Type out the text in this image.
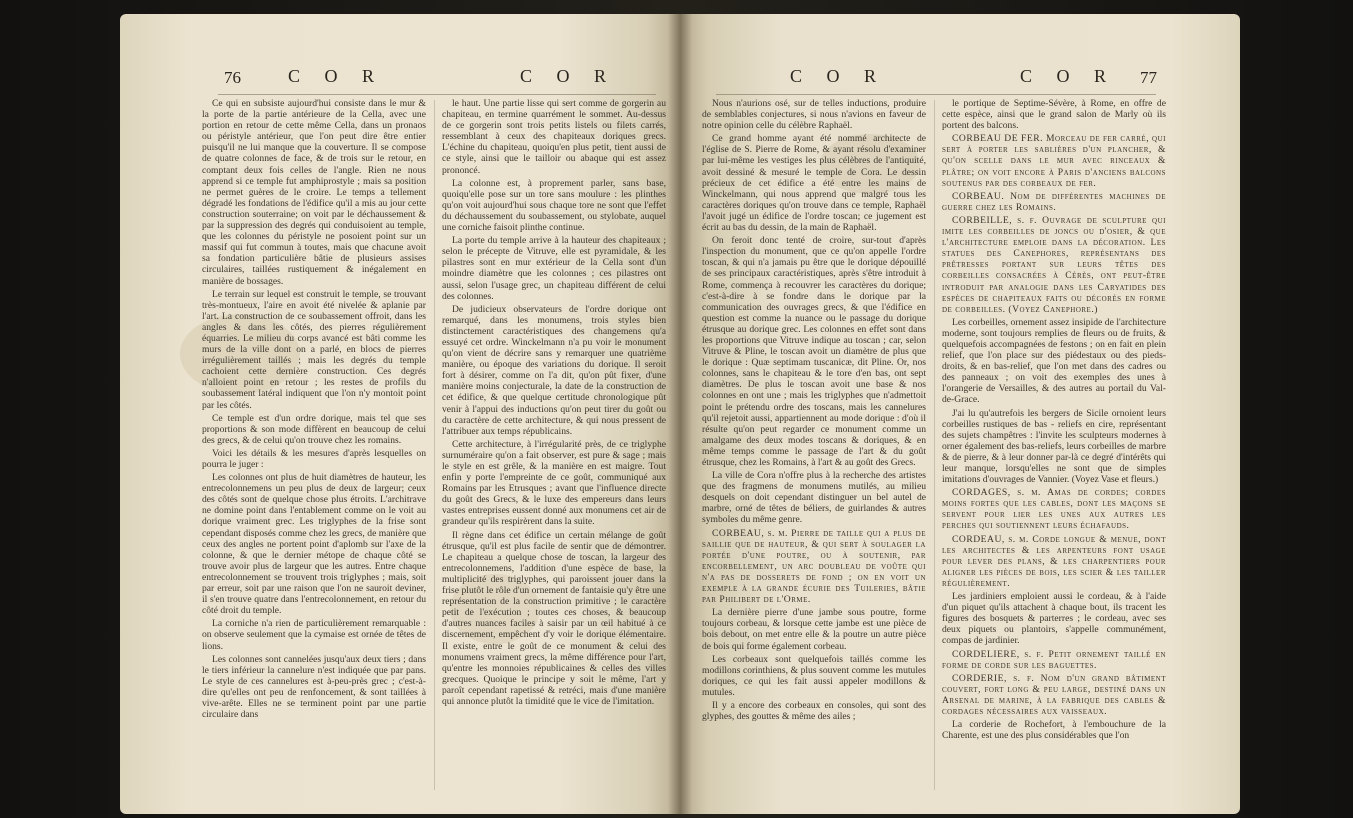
76	C O R	C O R

Ce qui en subsiste aujourd'hui consiste dans le mur & la porte de la partie antérieure de la Cella, avec une portion en retour de cette même Cella, dans un pronaos ou péristyle antérieur, que l'on peut dire être entier puisqu'il ne lui manque que la couverture. Il se compose de quatre colonnes de face, & de trois sur le retour, en comptant deux fois celles de l'angle. Rien ne nous apprend si ce temple fut amphiprostyle ; mais sa position ne permet guères de le croire. Le temps a tellement dégradé les fondations de l'édifice qu'il a mis au jour cette construction souterraine; on voit par le déchaussement & par la suppression des degrés qui conduisoient au temple, que les colonnes du péristyle ne posoient point sur un massif qui fut commun à toutes, mais que chacune avoit sa fondation particulière bâtie de plusieurs assises circulaires, taillées rustiquement & inégalement en manière de bossages.

Le terrain sur lequel est construit le temple, se trouvant très-montueux, l'aire en avoit été nivelée & aplanie par l'art. La construction de ce soubassement offroit, dans les angles & dans les côtés, des pierres régulièrement équarries. Le milieu du corps avancé est bâti comme les murs de la ville dont on a parlé, en blocs de pierres irrégulièrement taillés ; mais les degrés du temple cachoient cette dernière construction. Ces degrés n'alloient point en retour ; les restes de profils du soubassement latéral indiquent que l'on n'y montoit point par les côtés.

Ce temple est d'un ordre dorique, mais tel que ses proportions & son mode diffèrent en beaucoup de celui des grecs, & de celui qu'on trouve chez les romains.

Voici les détails & les mesures d'après lesquelles on pourra le juger :

Les colonnes ont plus de huit diamètres de hauteur, les entrecolonnemens un peu plus de deux de largeur; ceux des côtés sont de quelque chose plus étroits. L'architrave ne domine point dans l'entablement comme on le voit au dorique vraiment grec. Les triglyphes de la frise sont cependant disposés comme chez les grecs, de manière que ceux des angles ne portent point d'aplomb sur l'axe de la colonne, & que le dernier métope de chaque côté se trouve avoir plus de largeur que les autres. Entre chaque entrecolonnement se trouvent trois triglyphes ; mais, soit par erreur, soit par une raison que l'on ne sauroit deviner, il s'en trouve quatre dans l'entrecolonnement, en retour du côté droit du temple.

La corniche n'a rien de particulièrement remarquable : on observe seulement que la cymaise est ornée de têtes de lions.

Les colonnes sont cannelées jusqu'aux deux tiers ; dans le tiers inférieur la cannelure n'est indiquée que par pans. Le style de ces cannelures est à-peu-près grec ; c'est-à-dire qu'elles ont peu de renfoncement, & sont taillées à vive-arête. Elles ne se terminent point par une partie circulaire dans

le haut. Une partie lisse qui sert comme de gorgerin au chapiteau, en termine quarrément le sommet. Au-dessus de ce gorgerin sont trois petits listels ou filets carrés, ressemblant à ceux des chapiteaux doriques grecs. L'échine du chapiteau, quoiqu'en plus petit, tient aussi de ce style, ainsi que le tailloir ou abaque qui est assez prononcé.

La colonne est, à proprement parler, sans base, quoiqu'elle pose sur un tore sans moulure : les plinthes qu'on voit aujourd'hui sous chaque tore ne sont que l'effet du déchaussement du soubassement, ou stylobate, auquel une corniche faisoit plinthe continue.

La porte du temple arrive à la hauteur des chapiteaux ; selon le précepte de Vitruve, elle est pyramidale, & les pilastres sont en mur extérieur de la Cella sont d'un moindre diamètre que les colonnes ; ces pilastres ont aussi, selon l'usage grec, un chapiteau différent de celui des colonnes.

De judicieux observateurs de l'ordre dorique ont remarqué, dans les monumens, trois styles bien distinctement caractéristiques des changemens qu'a essuyé cet ordre. Winckelmann n'a pu voir le monument qu'on vient de décrire sans y remarquer une quatrième manière, ou époque des variations du dorique. Il seroit fort à désirer, comme on l'a dit, qu'on pût fixer, d'une manière moins conjecturale, la date de la construction de cet édifice, & que quelque certitude chronologique pût venir à l'appui des inductions qu'on peut tirer du goût ou du caractère de cette architecture, & qui nous pressent de l'attribuer aux temps républicains.

Cette architecture, à l'irrégularité près, de ce triglyphe surnuméraire qu'on a fait observer, est pure & sage ; mais le style en est grêle, & la manière en est maigre. Tout enfin y porte l'empreinte de ce goût, communiqué aux Romains par les Etrusques ; avant que l'influence directe du goût des Grecs, & le luxe des empereurs dans leurs vastes entreprises eussent donné aux monumens cet air de grandeur qu'ils respirèrent dans la suite.

Il règne dans cet édifice un certain mélange de goût étrusque, qu'il est plus facile de sentir que de démontrer. Le chapiteau a quelque chose de toscan, la largeur des entrecolonnemens, l'addition d'une espèce de base, la multiplicité des triglyphes, qui paroissent jouer dans la frise plutôt le rôle d'un ornement de fantaisie qu'y être une représentation de la construction primitive ; le caractère petit de l'exécution ; toutes ces choses, & beaucoup d'autres nuances faciles à saisir par un œil habitué à ce discernement, empêchent d'y voir le dorique élémentaire. Il existe, entre le goût de ce monument & celui des monumens vraiment grecs, la même différence pour l'art, qu'entre les monnoies républicaines & celles des villes grecques. Quoique le principe y soit le même, l'art y paroît cependant rapetissé & retréci, mais d'une manière qui annonce plutôt la timidité que le vice de l'imitation.

C O R	C O R 77

Nous n'aurions osé, sur de telles inductions, produire de semblables conjectures, si nous n'avions en faveur de notre opinion celle du célèbre Raphaël.

Ce grand homme ayant été nommé architecte de l'église de S. Pierre de Rome, & ayant résolu d'examiner par lui-même les vestiges les plus célèbres de l'antiquité, avoit dessiné & mesuré le temple de Cora. Le dessin précieux de cet édifice a été entre les mains de Winckelmann, qui nous apprend que malgré tous les caractères doriques qu'on trouve dans ce temple, Raphaël l'avoit jugé un édifice de l'ordre toscan; ce jugement est écrit au bas du dessin, de la main de Raphaël.

On feroit donc tenté de croire, sur-tout d'après l'inspection du monument, que ce qu'on appelle l'ordre toscan, & qui n'a jamais pu être que le dorique dépouillé de ses principaux caractéristiques, après s'être introduit à Rome, commença à recouvrer les caractères du dorique; c'est-à-dire à se fondre dans le dorique par la communication des ouvrages grecs, & que l'édifice en question est comme la nuance ou le passage du dorique étrusque au dorique grec. Les colonnes en effet sont dans les proportions que Vitruve indique au toscan ; car, selon Vitruve & Pline, le toscan avoit un diamètre de plus que le dorique : Quæ septimam tuscanicæ, dit Pline. Or, nos colonnes, sans le chapiteau & le tore d'en bas, ont sept diamètres. De plus le toscan avoit une base & nos colonnes en ont une ; mais les triglyphes que n'admettoit point le prétendu ordre des toscans, mais les cannelures qu'il rejetoit aussi, appartiennent au mode dorique : d'où il résulte qu'on peut regarder ce monument comme un amalgame des deux modes toscans & doriques, & en même temps comme le passage de l'art & du goût étrusque, chez les Romains, à l'art & au goût des Grecs.

La ville de Cora n'offre plus à la recherche des artistes que des fragmens de monumens mutilés, au milieu desquels on doit cependant distinguer un bel autel de marbre, orné de têtes de béliers, de guirlandes & autres symboles du même genre.

CORBEAU, s. m. Pierre de taille qui a plus de saillie que de hauteur, & qui sert à soulager la portée d'une poutre, ou à soutenir, par encorbellement, un arc doubleau de voûte qui n'a pas de dosserets de fond ; on en voit un exemple à la grande écurie des Tuileries, bâtie par Philibert de l'Orme.

La dernière pierre d'une jambe sous poutre, forme toujours corbeau, & lorsque cette jambe est une pièce de bois debout, on met entre elle & la poutre un autre pièce de bois qui forme également corbeau.

Les corbeaux sont quelquefois taillés comme les modillons corinthiens, & plus souvent comme les mutules doriques, ce qui les fait aussi appeler modillons & mutules.

Il y a encore des corbeaux en consoles, qui sont des glyphes, des gouttes & même des ailes ;

le portique de Septime-Sévère, à Rome, en offre de cette espèce, ainsi que le grand salon de Marly où ils portent des balcons.

CORBEAU DE FER. Morceau de fer carré, qui sert à porter les sablières d'un plancher, & qu'on scelle dans le mur avec rinceaux & plâtre; on voit encore à Paris d'anciens balcons soutenus par des corbeaux de fer.

CORBEAU. Nom de différentes machines de guerre chez les Romains.

CORBEILLE, s. f. Ouvrage de sculpture qui imite les corbeilles de joncs ou d'osier, & que l'architecture emploie dans la décoration. Les statues des Canephores, représentans des prêtresses portant sur leurs têtes des corbeilles consacrées à Cérès, ont peut-être introduit par analogie dans les Caryatides des espèces de chapiteaux faits ou décorés en forme de corbeilles. (Voyez Canephore.)

Les corbeilles, ornement assez insipide de l'architecture moderne, sont toujours remplies de fleurs ou de fruits, & quelquefois accompagnées de festons ; on en fait en plein relief, que l'on place sur des piédestaux ou des pieds-droits, & en bas-relief, que l'on met dans des cadres ou des panneaux ; on voit des exemples des unes à l'orangerie de Versailles, & des autres au portail du Val-de-Grace.

J'ai lu qu'autrefois les bergers de Sicile ornoient leurs corbeilles rustiques de bas - reliefs en cire, représentant des sujets champêtres : l'invite les sculpteurs modernes à orner également des bas-reliefs, leurs corbeilles de marbre & de pierre, & à leur donner par-là ce degré d'intérêts qui leur manque, lorsqu'elles ne sont que de simples imitations d'ouvrages de Vannier. (Voyez Vase et fleurs.)

CORDAGES, s. m. Amas de cordes; cordes moins fortes que les cables, dont les maçons se servent pour lier les unes aux autres les perches qui soutiennent leurs échafauds.

CORDEAU, s. m. Corde longue & menue, dont les architectes & les arpenteurs font usage pour lever des plans, & les charpentiers pour aligner les pièces de bois, les scier & les tailler régulièrement.

Les jardiniers emploient aussi le cordeau, & à l'aide d'un piquet qu'ils attachent à chaque bout, ils tracent les figures des bosquets & parterres ; le cordeau, avec ses deux piquets ou plantoirs, s'appelle communément, compas de jardinier.

CORDELIERE, s. f. Petit ornement taillé en forme de corde sur les baguettes.

CORDERIE, s. f. Nom d'un grand bâtiment couvert, fort long & peu large, destiné dans un Arsenal de marine, à la fabrique des cables & cordages nécessaires aux vaisseaux.

La corderie de Rochefort, à l'embouchure de la Charente, est une des plus considérables que l'on
